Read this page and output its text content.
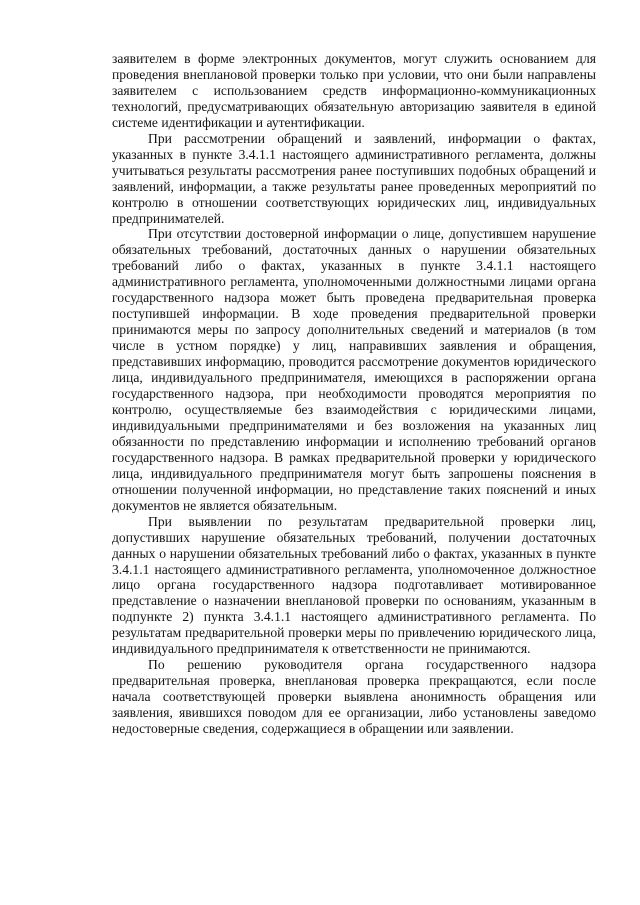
заявителем в форме электронных документов, могут служить основанием для проведения внеплановой проверки только при условии, что они были направлены заявителем с использованием средств информационно-коммуникационных технологий, предусматривающих обязательную авторизацию заявителя в единой системе идентификации и аутентификации.

При рассмотрении обращений и заявлений, информации о фактах, указанных в пункте 3.4.1.1 настоящего административного регламента, должны учитываться результаты рассмотрения ранее поступивших подобных обращений и заявлений, информации, а также результаты ранее проведенных мероприятий по контролю в отношении соответствующих юридических лиц, индивидуальных предпринимателей.

При отсутствии достоверной информации о лице, допустившем нарушение обязательных требований, достаточных данных о нарушении обязательных требований либо о фактах, указанных в пункте 3.4.1.1 настоящего административного регламента, уполномоченными должностными лицами органа государственного надзора может быть проведена предварительная проверка поступившей информации. В ходе проведения предварительной проверки принимаются меры по запросу дополнительных сведений и материалов (в том числе в устном порядке) у лиц, направивших заявления и обращения, представивших информацию, проводится рассмотрение документов юридического лица, индивидуального предпринимателя, имеющихся в распоряжении органа государственного надзора, при необходимости проводятся мероприятия по контролю, осуществляемые без взаимодействия с юридическими лицами, индивидуальными предпринимателями и без возложения на указанных лиц обязанности по представлению информации и исполнению требований органов государственного надзора. В рамках предварительной проверки у юридического лица, индивидуального предпринимателя могут быть запрошены пояснения в отношении полученной информации, но представление таких пояснений и иных документов не является обязательным.

При выявлении по результатам предварительной проверки лиц, допустивших нарушение обязательных требований, получении достаточных данных о нарушении обязательных требований либо о фактах, указанных в пункте 3.4.1.1 настоящего административного регламента, уполномоченное должностное лицо органа государственного надзора подготавливает мотивированное представление о назначении внеплановой проверки по основаниям, указанным в подпункте 2) пункта 3.4.1.1 настоящего административного регламента. По результатам предварительной проверки меры по привлечению юридического лица, индивидуального предпринимателя к ответственности не принимаются.

По решению руководителя органа государственного надзора предварительная проверка, внеплановая проверка прекращаются, если после начала соответствующей проверки выявлена анонимность обращения или заявления, явившихся поводом для ее организации, либо установлены заведомо недостоверные сведения, содержащиеся в обращении или заявлении.
